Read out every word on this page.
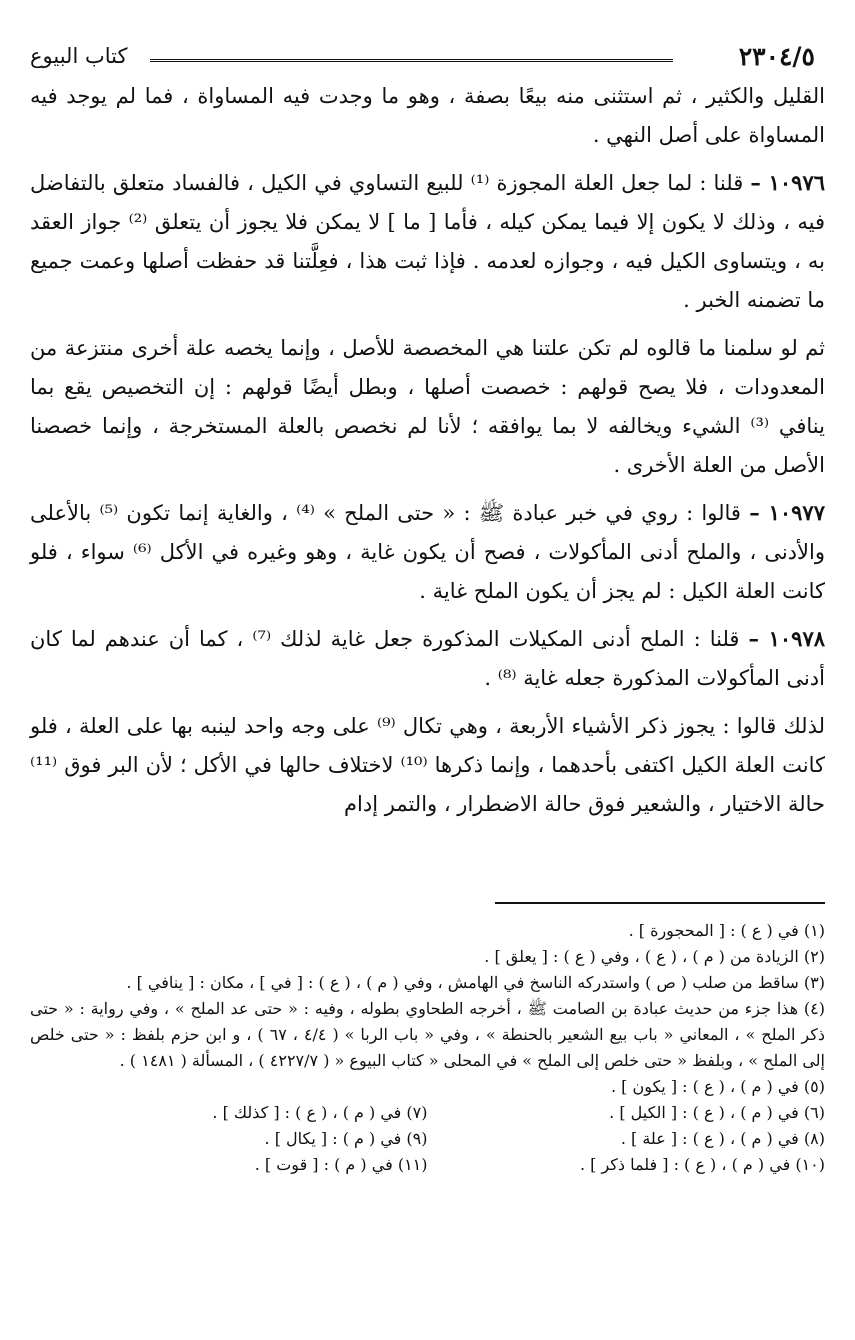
٢٣٠٤/٥
كتاب البيوع

القليل والكثير ، ثم استثنى منه بيعًا بصفة ، وهو ما وجدت فيه المساواة ، فما لم يوجد فيه المساواة على أصل النهي .

١٠٩٧٦ – قلنا : لما جعل العلة المجوزة ⁽¹⁾ للبيع التساوي في الكيل ، فالفساد متعلق بالتفاضل فيه ، وذلك لا يكون إلا فيما يمكن كيله ، فأما [ ما ] لا يمكن فلا يجوز أن يتعلق ⁽²⁾ جواز العقد به ، ويتساوى الكيل فيه ، وجوازه لعدمه . فإذا ثبت هذا ، فعِلَّتنا قد حفظت أصلها وعمت جميع ما تضمنه الخبر .

ثم لو سلمنا ما قالوه لم تكن علتنا هي المخصصة للأصل ، وإنما يخصه علة أخرى منتزعة من المعدودات ، فلا يصح قولهم : خصصت أصلها ، وبطل أيضًا قولهم : إن التخصيص يقع بما ينافي ⁽³⁾ الشيء ويخالفه لا بما يوافقه ؛ لأنا لم نخصص بالعلة المستخرجة ، وإنما خصصنا الأصل من العلة الأخرى .

١٠٩٧٧ – قالوا : روي في خبر عبادة ﷺ : « حتى الملح » ⁽⁴⁾ ، والغاية إنما تكون ⁽⁵⁾ بالأعلى والأدنى ، والملح أدنى المأكولات ، فصح أن يكون غاية ، وهو وغيره في الأكل ⁽⁶⁾ سواء ، فلو كانت العلة الكيل : لم يجز أن يكون الملح غاية .

١٠٩٧٨ – قلنا : الملح أدنى المكيلات المذكورة جعل غاية لذلك ⁽⁷⁾ ، كما أن عندهم لما كان أدنى المأكولات المذكورة جعله غاية ⁽⁸⁾ .

لذلك قالوا : يجوز ذكر الأشياء الأربعة ، وهي تكال ⁽⁹⁾ على وجه واحد لينبه بها على العلة ، فلو كانت العلة الكيل اكتفى بأحدهما ، وإنما ذكرها ⁽¹⁰⁾ لاختلاف حالها في الأكل ؛ لأن البر فوق ⁽¹¹⁾ حالة الاختيار ، والشعير فوق حالة الاضطرار ، والتمر إدام

(١) في ( ع ) : [ المحجورة ] .

(٢) الزيادة من ( م ) ، ( ع ) ، وفي ( ع ) : [ يعلق ] .

(٣) ساقط من صلب ( ص ) واستدركه الناسخ في الهامش ، وفي ( م ) ، ( ع ) : [ في ] ، مكان : [ ينافي ] .

(٤) هذا جزء من حديث عبادة بن الصامت ﷺ ، أخرجه الطحاوي بطوله ، وفيه : « حتى عد الملح » ، وفي رواية : « حتى ذكر الملح » ، المعاني « باب بيع الشعير بالحنطة » ، وفي « باب الربا » ( ٤/٤ ، ٦٧ ) ، و ابن حزم بلفظ : « حتى خلص إلى الملح » ، وبلفظ « حتى خلص إلى الملح » في المحلى « كتاب البيوع « ( ٤٢٢٧/٧ ) ، المسألة ( ١٤٨١ ) .

(٥) في ( م ) ، ( ع ) : [ يكون ] .
(٦) في ( م ) ، ( ع ) : [ الكيل ] .
(٧) في ( م ) ، ( ع ) : [ كذلك ] .
(٨) في ( م ) ، ( ع ) : [ علة ] .
(٩) في ( م ) : [ يكال ] .
(١٠) في ( م ) ، ( ع ) : [ فلما ذكر ] .
(١١) في ( م ) : [ قوت ] .
